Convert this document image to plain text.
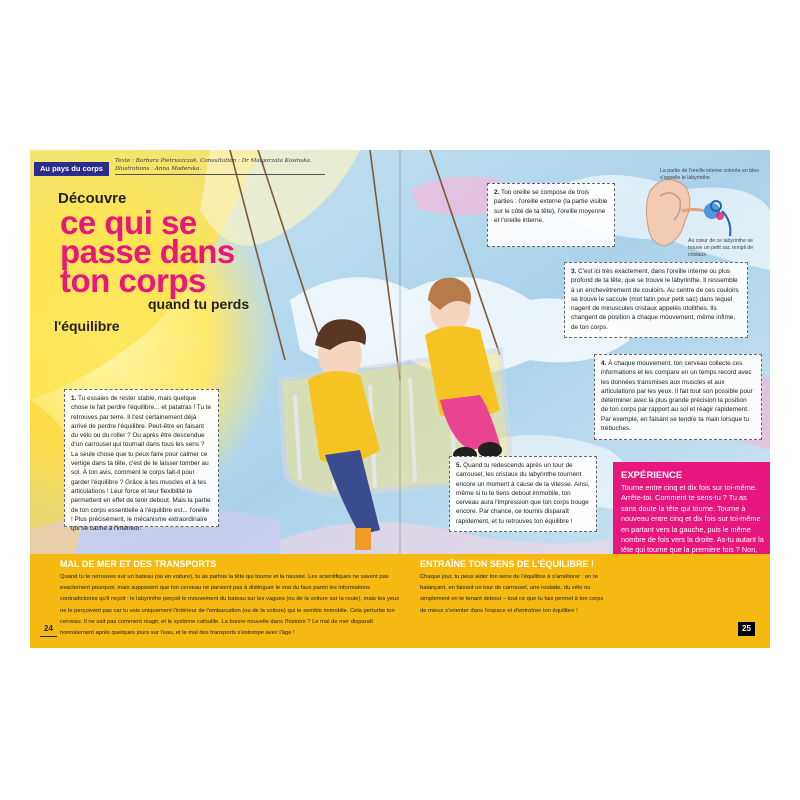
Au pays du corps
Texte : Barbara Pietruszczak. Consultation : Dr Malgorzata Kosinska. Illustrations : Anna Moderska.
Découvre
ce qui se passe dans ton corps
quand tu perds
l'équilibre
1. Tu essaies de rester stable, mais quelque chose te fait perdre l'équilibre... et patatras ! Tu te retrouves par terre. Il t'est certainement déjà arrivé de perdre l'équilibre. Peut-être en faisant du vélo ou du roller ? Ou après être descendue d'un carrousel qui tournait dans tous les sens ? La seule chose que tu peux faire pour calmer ce vertige dans ta tête, c'est de te laisser tomber au sol. À ton avis, comment le corps fait-il pour garder l'équilibre ? Grâce à tes muscles et à tes articulations ! Leur force et leur flexibilité te permettent en effet de tenir debout. Mais la partie de ton corps essentielle à l'équilibre est... l'oreille ! Plus précisément, le mécanisme extraordinaire qui se cache à l'intérieur.
2. Ton oreille se compose de trois parties : l'oreille externe (la partie visible sur le côté de ta tête), l'oreille moyenne et l'oreille interne.
3. C'est ici très exactement, dans l'oreille interne ou plus profond de ta tête, que se trouve le labyrinthe. Il ressemble à un enchevêtrement de couloirs. Au centre de ces couloirs se trouve le saccule (mot latin pour petit sac) dans lequel nagent de minuscules cristaux appelés otolithes. Ils changent de position à chaque mouvement, même infime, de ton corps.
4. À chaque mouvement, ton cerveau collecte ces informations et les compare en un temps record avec les données transmises aux muscles et aux articulations par les yeux. Il fait tout son possible pour déterminer avec la plus grande précision la position de ton corps par rapport au sol et réagir rapidement. Par exemple, en faisant se tendre ta main lorsque tu trébuches.
5. Quand tu redescends après un tour de carrousel, les cristaux du labyrinthe tournent encore un moment à cause de la vitesse. Ainsi, même si tu te tiens debout immobile, ton cerveau aura l'impression que ton corps bouge encore. Par chance, ce tournis disparaît rapidement, et tu retrouves ton équilibre !
La partie de l'oreille interne colorée en bleu s'appelle le labyrinthe.
Au cœur de ce labyrinthe se trouve un petit sac rempli de cristaux.
EXPÉRIENCE
Tourne entre cinq et dix fois sur toi-même. Arrête-toi. Comment te sens-tu ? Tu as sans doute la tête qui tourne. Tourne à nouveau entre cinq et dix fois sur toi-même en partant vers la gauche, puis le même nombre de fois vers la droite. As-tu autant la tête qui tourne que la première fois ? Non,
MAL DE MER ET DES TRANSPORTS
Quand tu te retrouves sur un bateau (ou en voiture), tu as parfois la tête qui tourne et la nausée. Les scientifiques ne savent pas exactement pourquoi, mais supposent que ton cerveau ne parvient pas à distinguer le vrai du faux parmi les informations contradictoires qu'il reçoit : le labyrinthe perçoit le mouvement du bateau sur les vagues (ou de la voiture sur la route), mais tes yeux ne le perçoivent pas car tu vois uniquement l'intérieur de l'embarcation (ou de la voiture) qui te semble immobile. Cela perturbe ton cerveau. Il ne sait pas comment réagir, et le système cafouille. La bonne nouvelle dans l'histoire ? Le mal de mer disparaît normalement après quelques jours sur l'eau, et le mal des transports s'estompe avec l'âge !
ENTRAÎNE TON SENS DE L'ÉQUILIBRE !
Chaque jour, tu peux aider ton sens de l'équilibre à s'améliorer : en te balançant, en faisant un tour de carrousel, une roulade, du vélo ou simplement en te tenant debout – tout ce que tu fais permet à ton corps de mieux s'orienter dans l'espace et d'entraîner ton équilibre !
24	25
